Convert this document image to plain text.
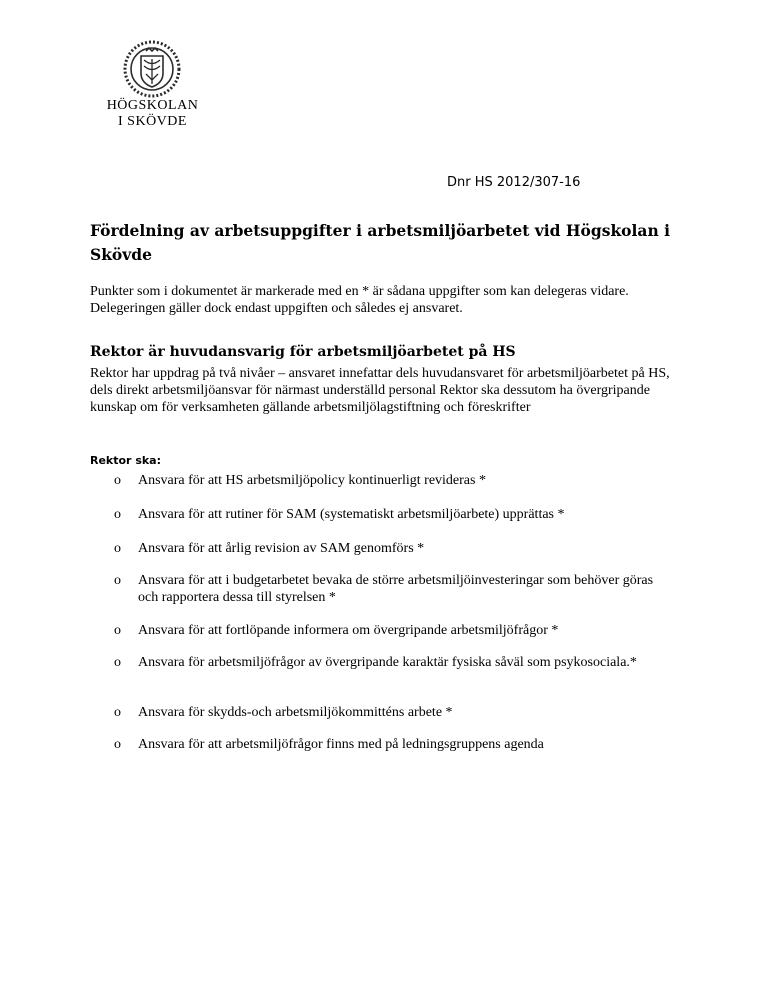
HÖGSKOLAN
I SKÖVDE
Dnr HS 2012/307-16
Fördelning av arbetsuppgifter i arbetsmiljöarbetet vid Högskolan i Skövde

Punkter som i dokumentet är markerade med en * är sådana uppgifter som kan delegeras vidare. Delegeringen gäller dock endast uppgiften och således ej ansvaret.

Rektor är huvudansvarig för arbetsmiljöarbetet på HS

Rektor har uppdrag på två nivåer – ansvaret innefattar dels huvudansvaret för arbetsmiljöarbetet på HS, dels direkt arbetsmiljöansvar för närmast underställd personal Rektor ska dessutom ha övergripande kunskap om för verksamheten gällande arbetsmiljölagstiftning och föreskrifter

Rektor ska:

o Ansvara för att HS arbetsmiljöpolicy kontinuerligt revideras *
o Ansvara för att rutiner för SAM (systematiskt arbetsmiljöarbete) upprättas *
o Ansvara för att årlig revision av SAM genomförs *
o Ansvara för att i budgetarbetet bevaka de större arbetsmiljöinvesteringar som behöver göras och rapportera dessa till styrelsen *
o Ansvara för att fortlöpande informera om övergripande arbetsmiljöfrågor *
o Ansvara för arbetsmiljöfrågor av övergripande karaktär fysiska såväl som psykosociala.*
o Ansvara för skydds-och arbetsmiljökommitténs arbete *
o Ansvara för att arbetsmiljöfrågor finns med på ledningsgruppens agenda
